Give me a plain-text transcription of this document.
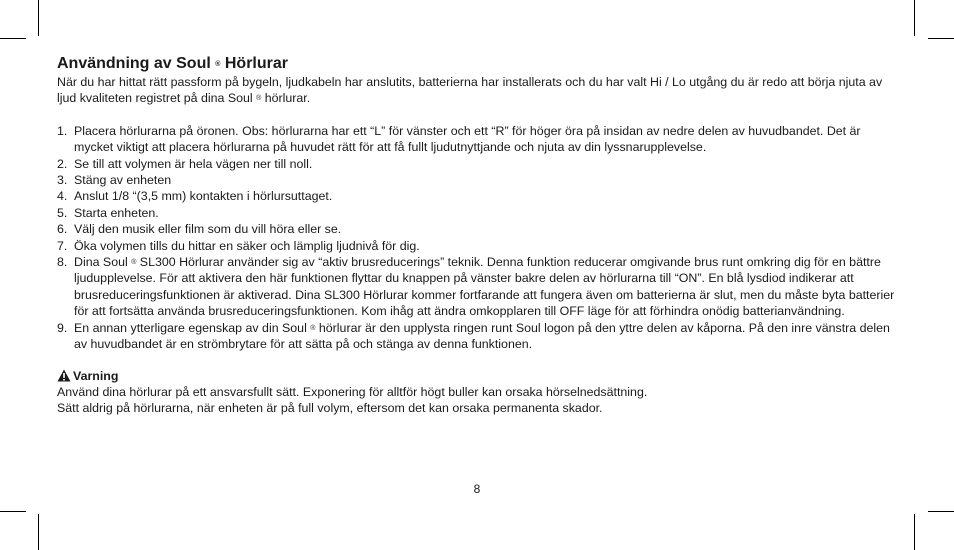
Användning av Soul ® Hörlurar

När du har hittat rätt passform på bygeln, ljudkabeln har anslutits, batterierna har installerats och du har valt Hi / Lo utgång du är redo att börja njuta av ljud kvaliteten registret på dina Soul ® hörlurar.

1. Placera hörlurarna på öronen. Obs: hörlurarna har ett “L” för vänster och ett “R” för höger öra på insidan av nedre delen av huvudbandet. Det är mycket viktigt att placera hörlurarna på huvudet rätt för att få fullt ljudutnyttjande och njuta av din lyssnarupplevelse.
2. Se till att volymen är hela vägen ner till noll.
3. Stäng av enheten
4. Anslut 1/8 “(3,5 mm) kontakten i hörlursuttaget.
5. Starta enheten.
6. Välj den musik eller film som du vill höra eller se.
7. Öka volymen tills du hittar en säker och lämplig ljudnivå för dig.
8. Dina Soul ® SL300 Hörlurar använder sig av “aktiv brusreducerings” teknik. Denna funktion reducerar omgivande brus runt omkring dig för en bättre ljudupplevelse. För att aktivera den här funktionen flyttar du knappen på vänster bakre delen av hörlurarna till “ON”. En blå lysdiod indikerar att brusreduceringsfunktionen är aktiverad. Dina SL300 Hörlurar kommer fortfarande att fungera även om batterierna är slut, men du måste byta batterier för att fortsätta använda brusreduceringsfunktionen. Kom ihåg att ändra omkopplaren till OFF läge för att förhindra onödig batterianvändning.
9. En annan ytterligare egenskap av din Soul ® hörlurar är den upplysta ringen runt Soul logon på den yttre delen av kåporna. På den inre vänstra delen av huvudbandet är en strömbrytare för att sätta på och stänga av denna funktionen.
Varning

Använd dina hörlurar på ett ansvarsfullt sätt. Exponering för alltför högt buller kan orsaka hörselnedsättning.

Sätt aldrig på hörlurarna, när enheten är på full volym, eftersom det kan orsaka permanenta skador.

8
